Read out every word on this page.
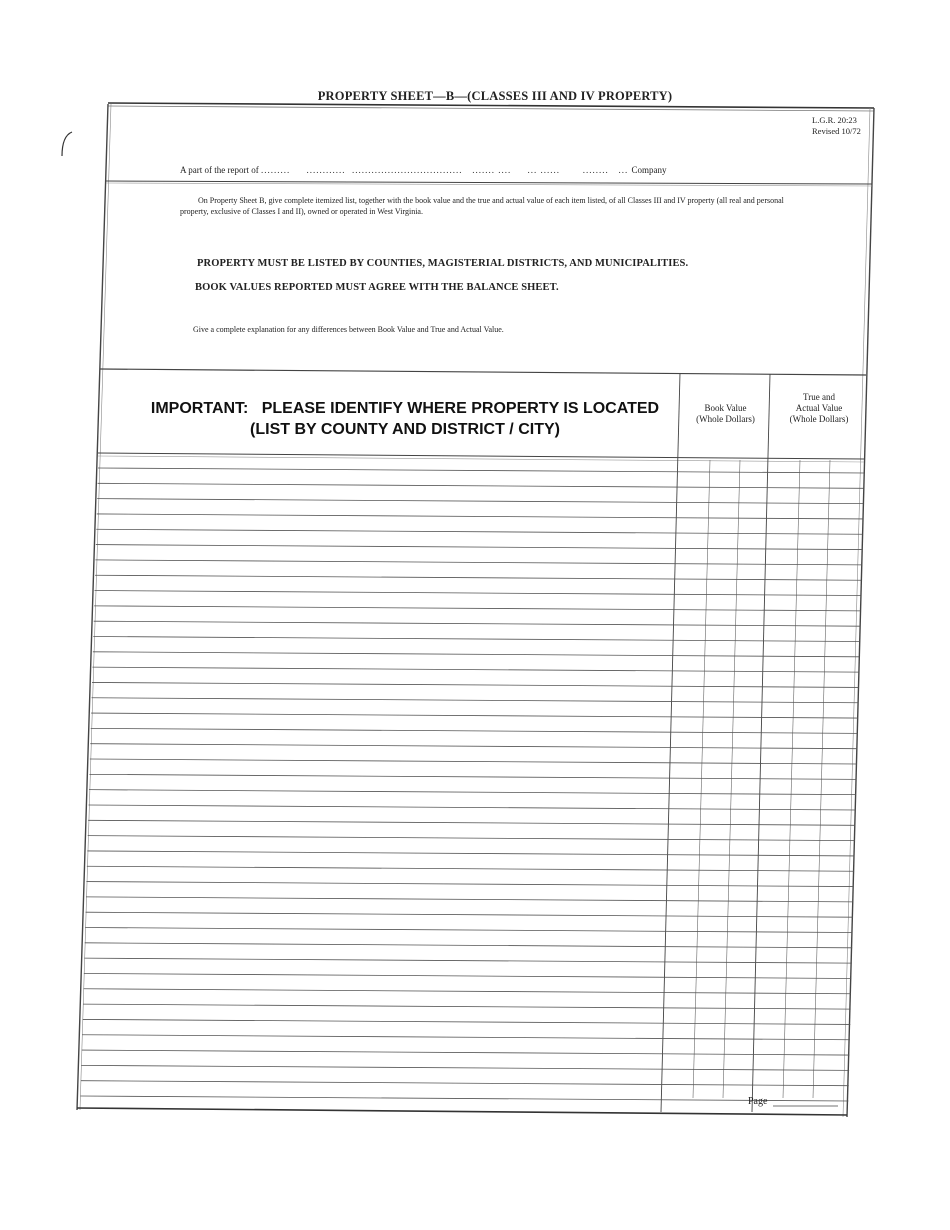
PROPERTY SHEET—B—(CLASSES III AND IV PROPERTY)
L.G.R. 20:23
Revised 10/72
A part of the report of .........     ............  ..................................   ....... ....     ... ......       ........   ... Company
On Property Sheet B, give complete itemized list, together with the book value and the true and actual value of each item listed, of all Classes III and IV property (all real and personal property, exclusive of Classes I and II), owned or operated in West Virginia.
PROPERTY MUST BE LISTED BY COUNTIES, MAGISTERIAL DISTRICTS, AND MUNICIPALITIES.
BOOK VALUES REPORTED MUST AGREE WITH THE BALANCE SHEET.
Give a complete explanation for any differences between Book Value and True and Actual Value.
IMPORTANT:   PLEASE IDENTIFY WHERE PROPERTY IS LOCATED
(LIST BY COUNTY AND DISTRICT / CITY)
Book Value
(Whole Dollars)
True and
Actual Value
(Whole Dollars)
Page
